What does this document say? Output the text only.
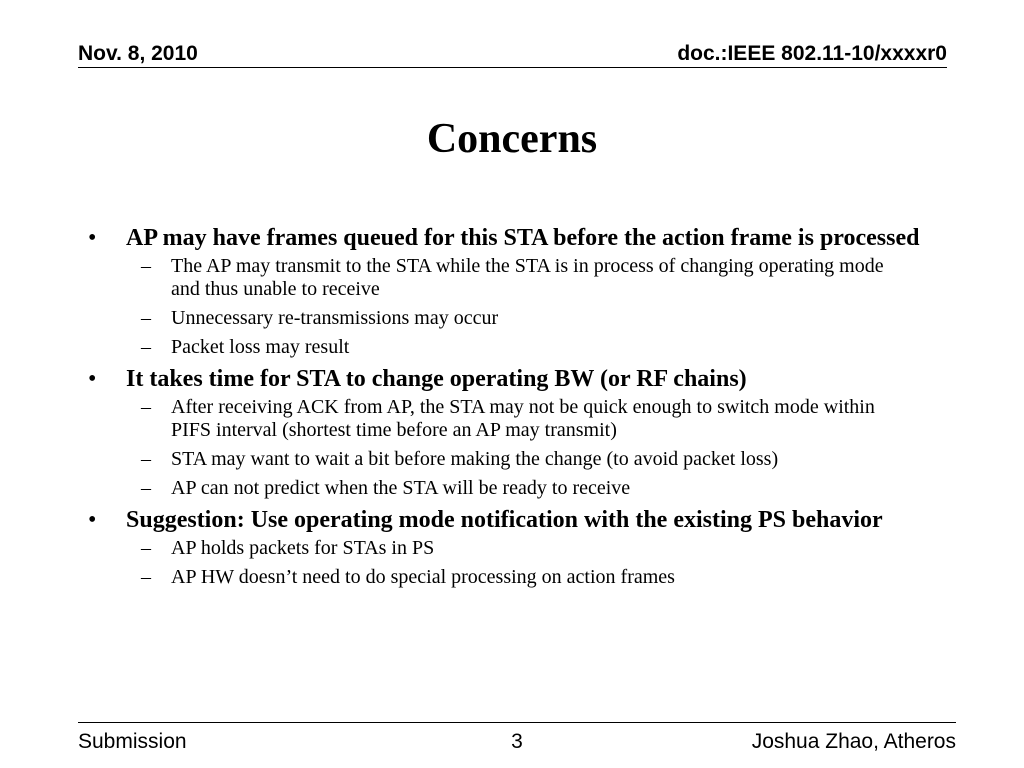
Nov. 8, 2010	doc.:IEEE 802.11-10/xxxxr0
Concerns
• AP may have frames queued for this STA before the action frame is processed
– The AP may transmit to the STA while the STA is in process of changing operating mode and thus unable to receive
– Unnecessary re-transmissions may occur
– Packet loss may result
• It takes time for STA to change operating BW (or RF chains)
– After receiving ACK from AP, the STA may not be quick enough to switch mode within PIFS interval (shortest time before an AP may transmit)
– STA may want to wait a bit before making the change (to avoid packet loss)
– AP can not predict when the STA will be ready to receive
• Suggestion: Use operating mode notification with the existing PS behavior
– AP holds packets for STAs in PS
– AP HW doesn’t need to do special processing on action frames
Submission	3	Joshua Zhao, Atheros
